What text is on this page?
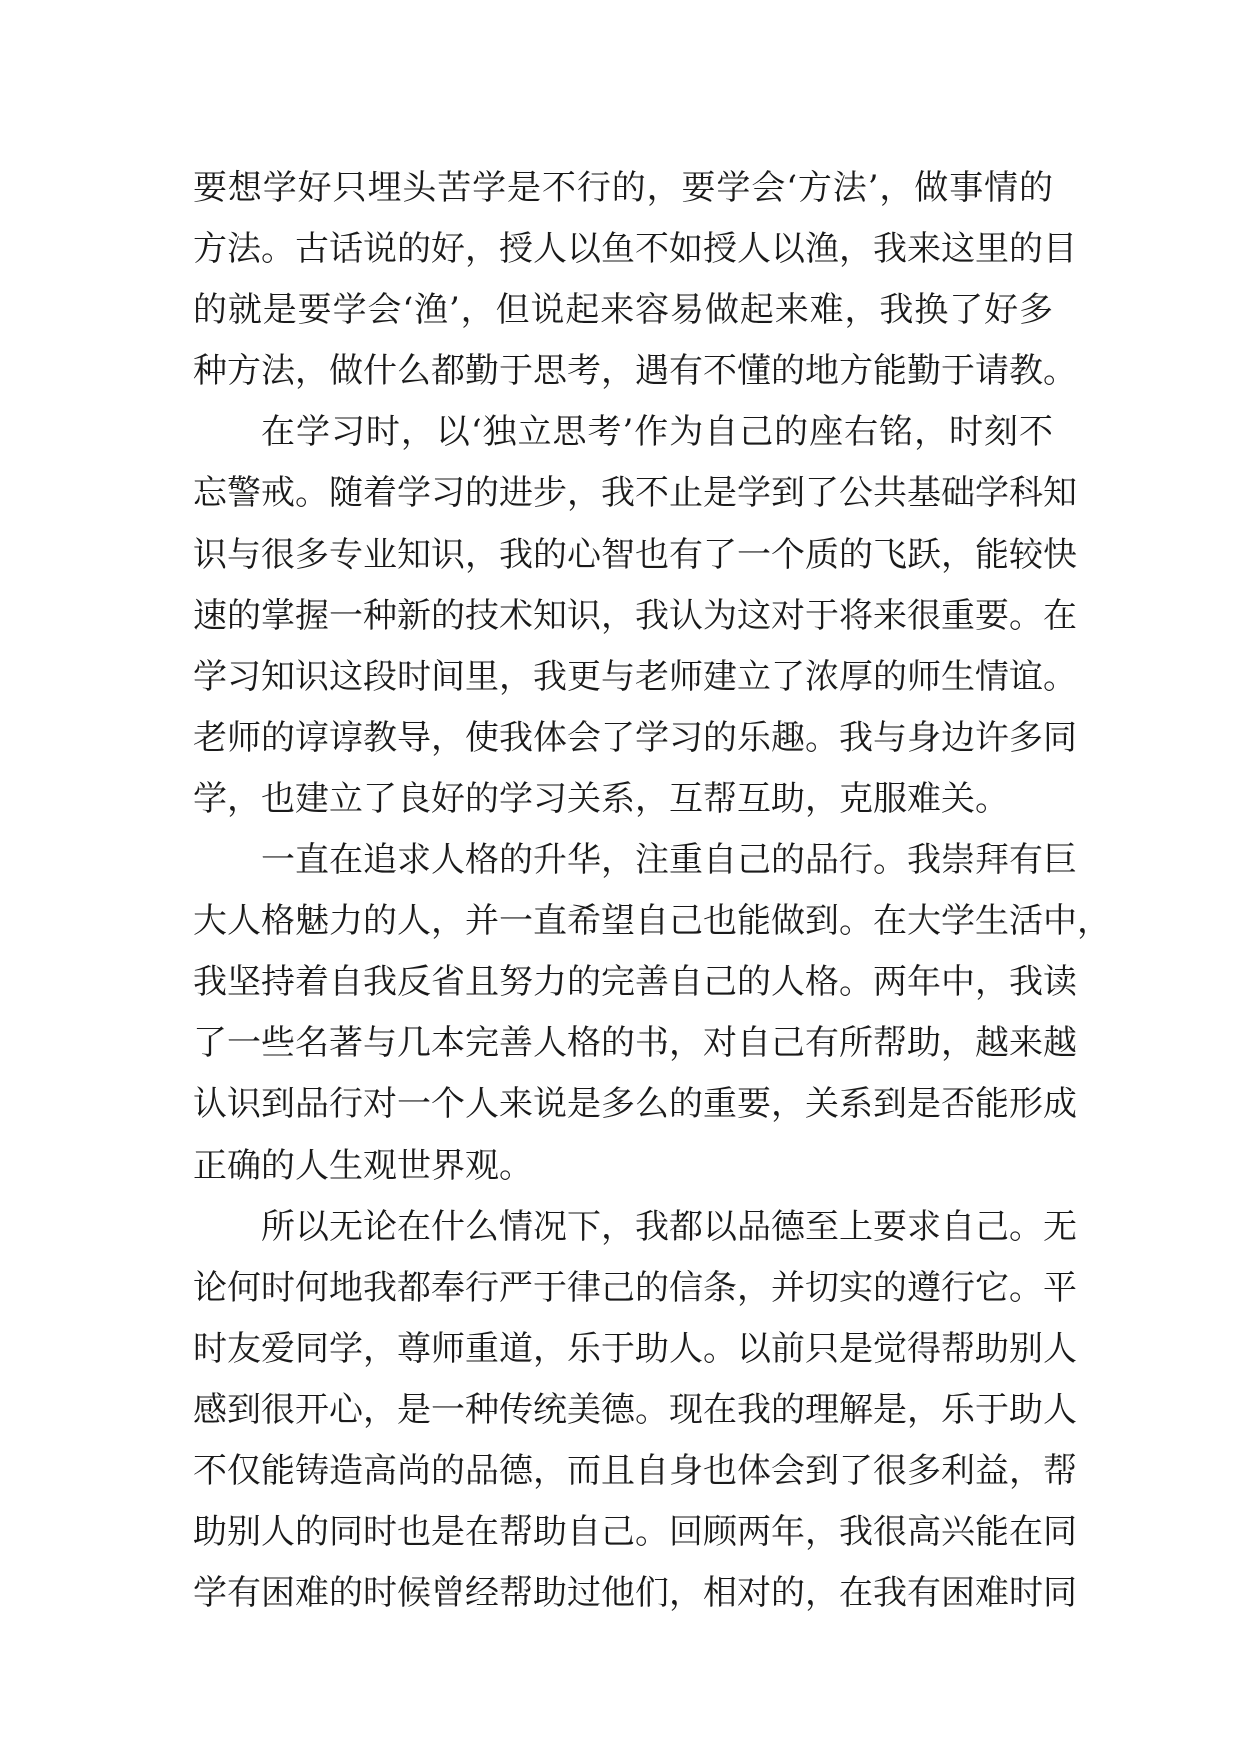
要想学好只埋头苦学是不行的，要学会‘方法’，做事情的
方法。古话说的好，授人以鱼不如授人以渔，我来这里的目
的就是要学会‘渔’，但说起来容易做起来难，我换了好多
种方法，做什么都勤于思考，遇有不懂的地方能勤于请教。
在学习时，以‘独立思考’作为自己的座右铭，时刻不
忘警戒。随着学习的进步，我不止是学到了公共基础学科知
识与很多专业知识，我的心智也有了一个质的飞跃，能较快
速的掌握一种新的技术知识，我认为这对于将来很重要。在
学习知识这段时间里，我更与老师建立了浓厚的师生情谊。
老师的谆谆教导，使我体会了学习的乐趣。我与身边许多同
学，也建立了良好的学习关系，互帮互助，克服难关。
一直在追求人格的升华，注重自己的品行。我崇拜有巨
大人格魅力的人，并一直希望自己也能做到。在大学生活中，
我坚持着自我反省且努力的完善自己的人格。两年中，我读
了一些名著与几本完善人格的书，对自己有所帮助，越来越
认识到品行对一个人来说是多么的重要，关系到是否能形成
正确的人生观世界观。
所以无论在什么情况下，我都以品德至上要求自己。无
论何时何地我都奉行严于律己的信条，并切实的遵行它。平
时友爱同学，尊师重道，乐于助人。以前只是觉得帮助别人
感到很开心，是一种传统美德。现在我的理解是，乐于助人
不仅能铸造高尚的品德，而且自身也体会到了很多利益，帮
助别人的同时也是在帮助自己。回顾两年，我很高兴能在同
学有困难的时候曾经帮助过他们，相对的，在我有困难时同
